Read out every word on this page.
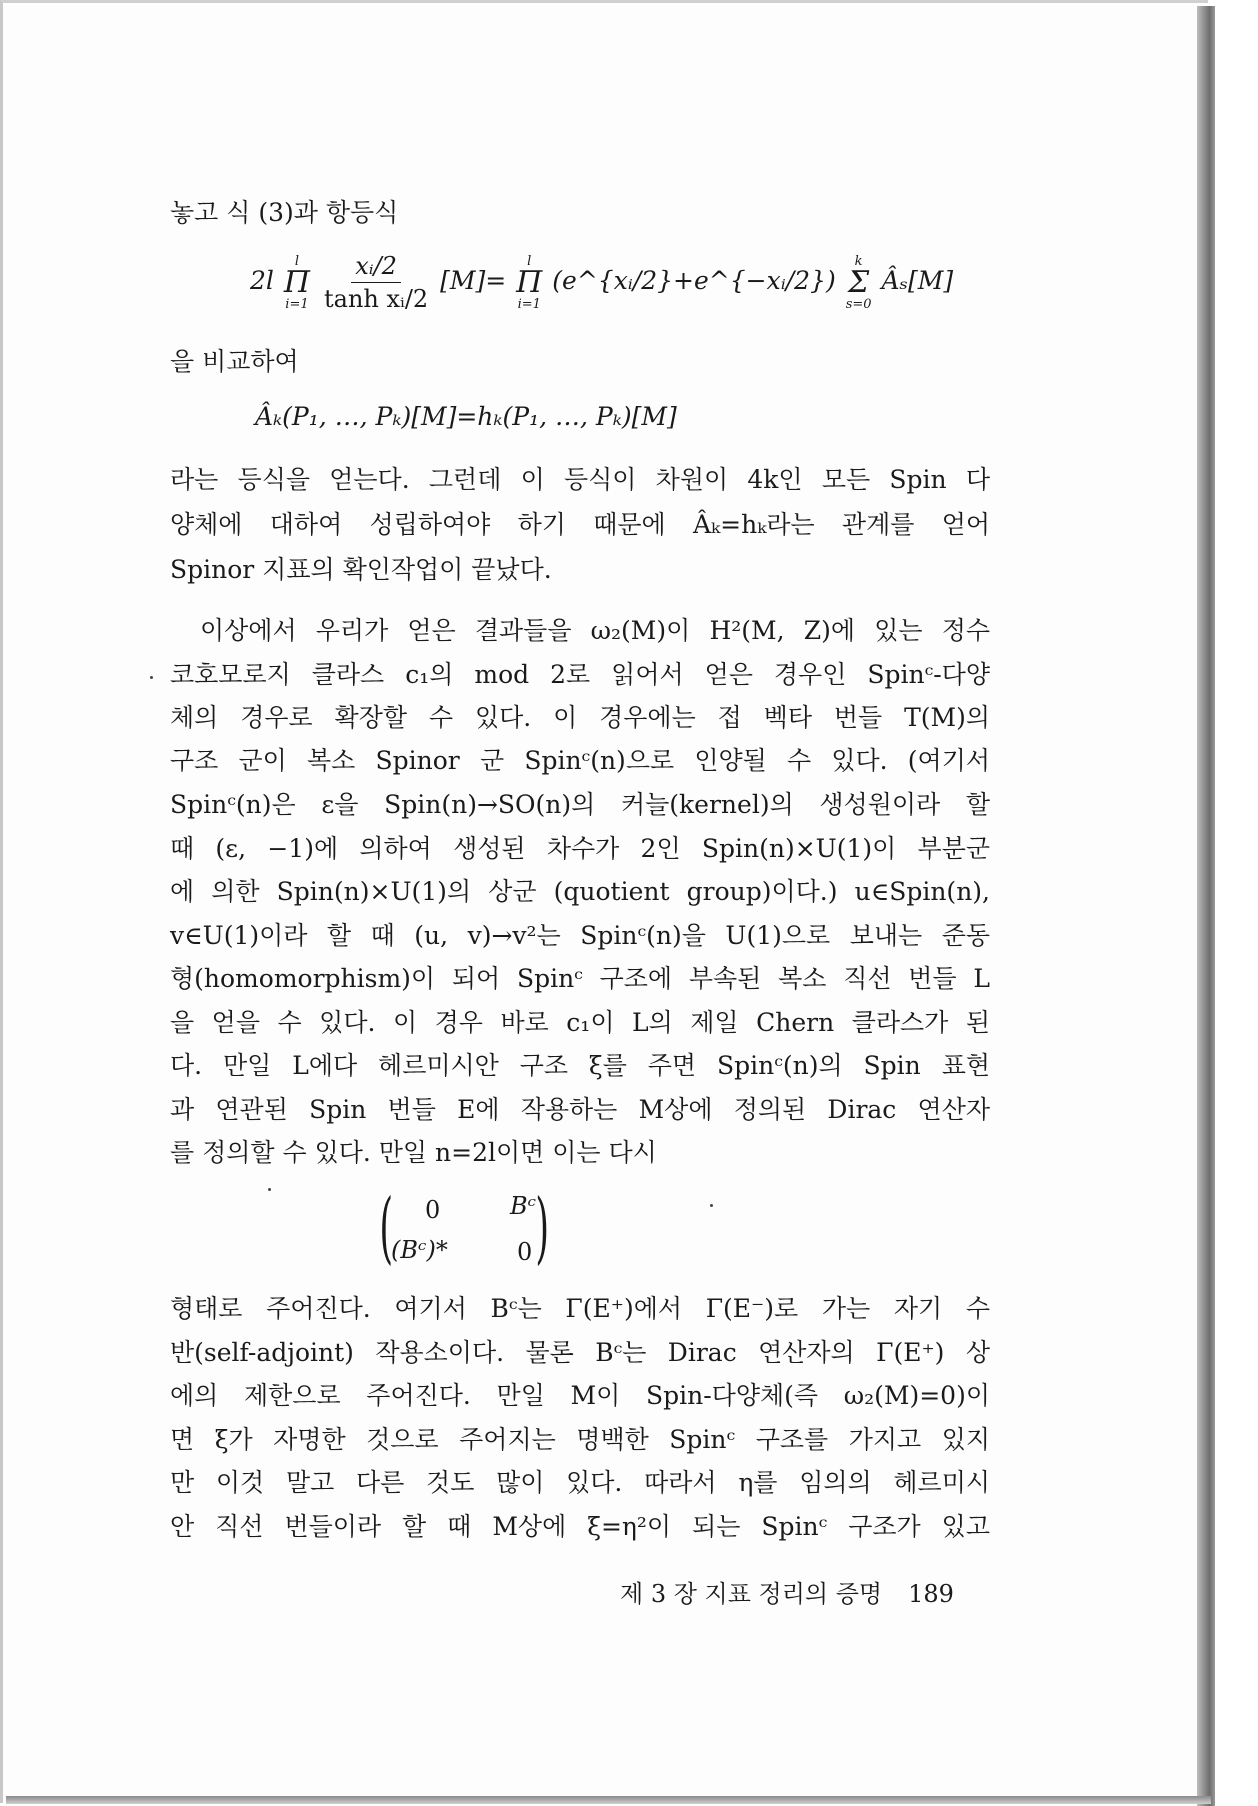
놓고 식 (3)과 항등식
2l
l
Π
i=1
$\frac{\text{xᵢ/2}}{\text{tanh xᵢ/2}} [M]=$
l
Π
i=1
(e^{xᵢ/2}+e^{−xᵢ/2})
k
Σ
s=0
Âₛ[M]
을 비교하여
Âₖ(P₁, …, Pₖ)[M]=hₖ(P₁, …, Pₖ)[M]
라는 등식을 얻는다. 그런데 이 등식이 차원이 4k인 모든 Spin 다
양체에 대하여 성립하여야 하기 때문에 Âₖ=hₖ라는 관계를 얻어
Spinor 지표의 확인작업이 끝났다.
이상에서 우리가 얻은 결과들을 ω₂(M)이 H²(M, Z)에 있는 정수
코호모로지 클라스 c₁의 mod 2로 읽어서 얻은 경우인 Spinᶜ-다양
체의 경우로 확장할 수 있다. 이 경우에는 접 벡타 번들 T(M)의
구조 군이 복소 Spinor 군 Spinᶜ(n)으로 인양될 수 있다. (여기서
Spinᶜ(n)은 ε을 Spin(n)→SO(n)의 커늘(kernel)의 생성원이라 할
때 (ε, −1)에 의하여 생성된 차수가 2인 Spin(n)×U(1)이 부분군
에 의한 Spin(n)×U(1)의 상군 (quotient group)이다.) u∈Spin(n),
v∈U(1)이라 할 때 (u, v)→v²는 Spinᶜ(n)을 U(1)으로 보내는 준동
형(homomorphism)이 되어 Spinᶜ 구조에 부속된 복소 직선 번들 L
을 얻을 수 있다. 이 경우 바로 c₁이 L의 제일 Chern 클라스가 된
다. 만일 L에다 헤르미시안 구조 ξ를 주면 Spinᶜ(n)의 Spin 표현
과 연관된 Spin 번들 E에 작용하는 M상에 정의된 Dirac 연산자
를 정의할 수 있다. 만일 n=2l이면 이는 다시
( 0	Bᶜ
(Bᶜ)*	0 )
형태로 주어진다. 여기서 Bᶜ는 Γ(E⁺)에서 Γ(E⁻)로 가는 자기 수
반(self-adjoint) 작용소이다. 물론 Bᶜ는 Dirac 연산자의 Γ(E⁺) 상
에의 제한으로 주어진다. 만일 M이 Spin-다양체(즉 ω₂(M)=0)이
면 ξ가 자명한 것으로 주어지는 명백한 Spinᶜ 구조를 가지고 있지
만 이것 말고 다른 것도 많이 있다. 따라서 η를 임의의 헤르미시
안 직선 번들이라 할 때 M상에 ξ=η²이 되는 Spinᶜ 구조가 있고
제 3 장 지표 정리의 증명 189
